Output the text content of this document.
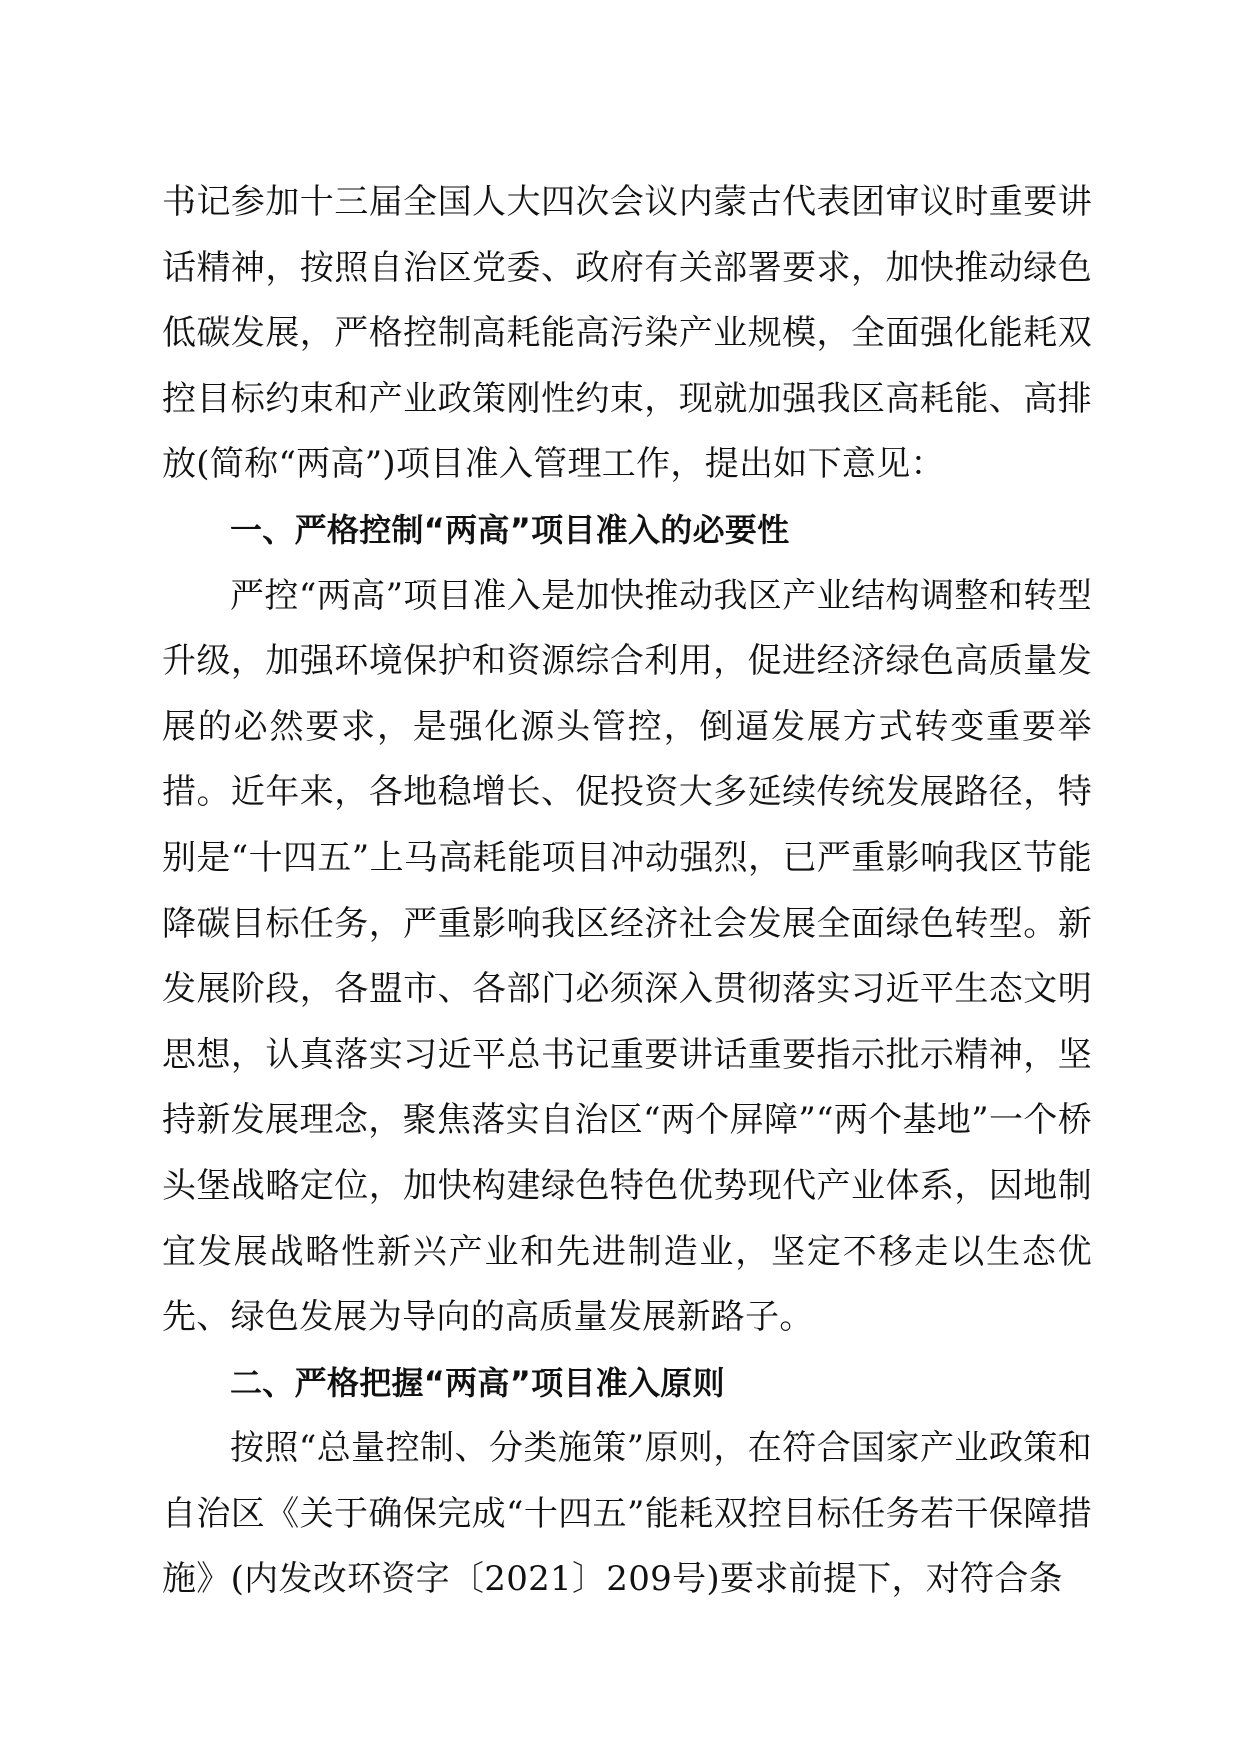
书记参加十三届全国人大四次会议内蒙古代表团审议时重要讲话精神，按照自治区党委、政府有关部署要求，加快推动绿色低碳发展，严格控制高耗能高污染产业规模，全面强化能耗双控目标约束和产业政策刚性约束，现就加强我区高耗能、高排放(简称“两高”)项目准入管理工作，提出如下意见：

一、严格控制“两高”项目准入的必要性

严控“两高”项目准入是加快推动我区产业结构调整和转型升级，加强环境保护和资源综合利用，促进经济绿色高质量发展的必然要求，是强化源头管控，倒逼发展方式转变重要举措。近年来，各地稳增长、促投资大多延续传统发展路径，特别是“十四五”上马高耗能项目冲动强烈，已严重影响我区节能降碳目标任务，严重影响我区经济社会发展全面绿色转型。新发展阶段，各盟市、各部门必须深入贯彻落实习近平生态文明思想，认真落实习近平总书记重要讲话重要指示批示精神，坚持新发展理念，聚焦落实自治区“两个屏障”“两个基地”一个桥头堡战略定位，加快构建绿色特色优势现代产业体系，因地制宜发展战略性新兴产业和先进制造业，坚定不移走以生态优先、绿色发展为导向的高质量发展新路子。

二、严格把握“两高”项目准入原则

按照“总量控制、分类施策”原则，在符合国家产业政策和自治区《关于确保完成“十四五”能耗双控目标任务若干保障措施》(内发改环资字〔2021〕209号)要求前提下，对符合条
